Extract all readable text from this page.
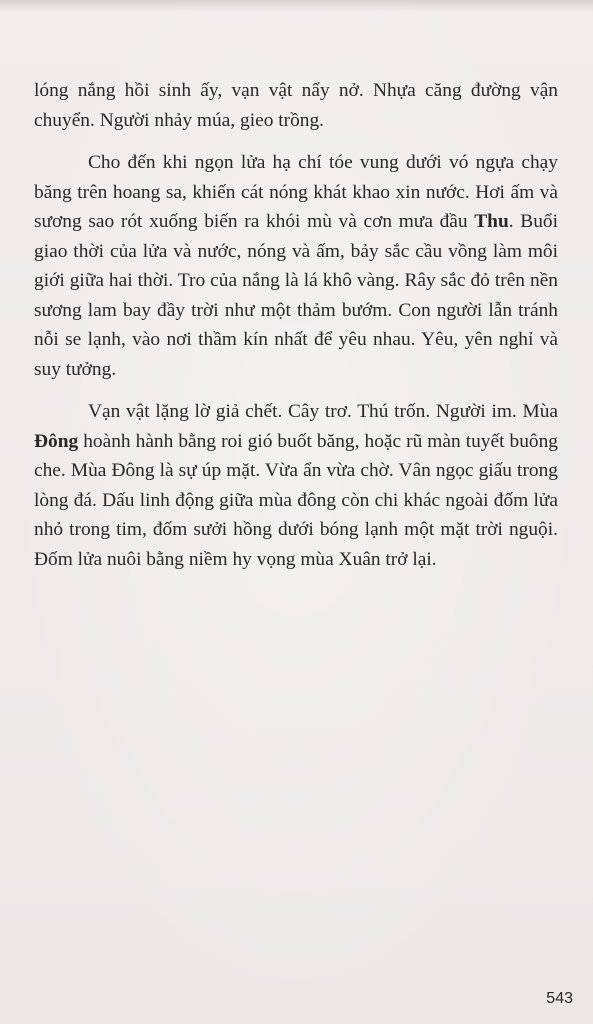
lóng nắng hồi sinh ấy, vạn vật nẩy nở. Nhựa căng đường vận chuyển. Người nhảy múa, gieo trồng.

Cho đến khi ngọn lửa hạ chí tóe vung dưới vó ngựa chạy băng trên hoang sa, khiến cát nóng khát khao xin nước. Hơi ấm và sương sao rót xuống biến ra khói mù và cơn mưa đầu Thu. Buổi giao thời của lửa và nước, nóng và ấm, bảy sắc cầu vồng làm môi giới giữa hai thời. Tro của nắng là lá khô vàng. Rây sắc đỏ trên nền sương lam bay đầy trời như một thảm bướm. Con người lẫn tránh nỗi se lạnh, vào nơi thầm kín nhất để yêu nhau. Yêu, yên nghỉ và suy tưởng.

Vạn vật lặng lờ giả chết. Cây trơ. Thú trốn. Người im. Mùa Đông hoành hành bằng roi gió buốt băng, hoặc rũ màn tuyết buông che. Mùa Đông là sự úp mặt. Vừa ẩn vừa chờ. Vân ngọc giấu trong lòng đá. Dấu linh động giữa mùa đông còn chi khác ngoài đốm lửa nhỏ trong tim, đốm sưởi hồng dưới bóng lạnh một mặt trời nguội. Đốm lửa nuôi bằng niềm hy vọng mùa Xuân trở lại.

543
